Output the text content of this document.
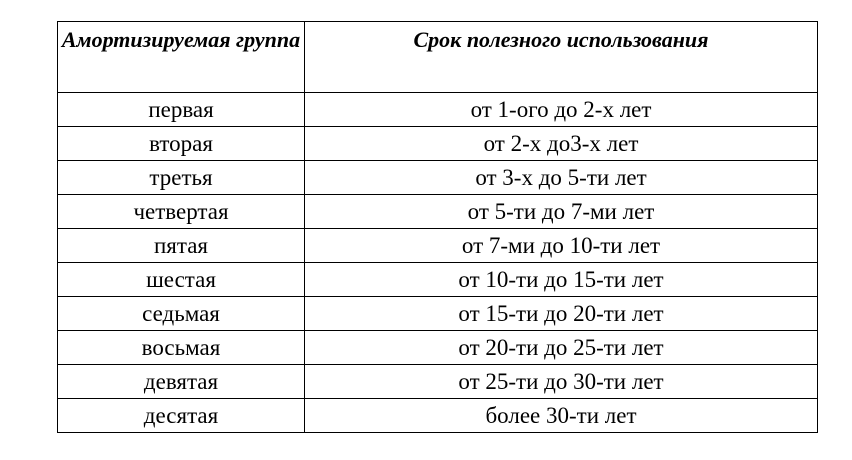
Амортизируемая группа	Срок полезного использования
первая	от 1-ого до 2-х лет
вторая	от 2-х до3-х лет
третья	от 3-х до 5-ти лет
четвертая	от 5-ти до 7-ми лет
пятая	от 7-ми до 10-ти лет
шестая	от 10-ти до 15-ти лет
седьмая	от 15-ти до 20-ти лет
восьмая	от 20-ти до 25-ти лет
девятая	от 25-ти до 30-ти лет
десятая	более 30-ти лет
